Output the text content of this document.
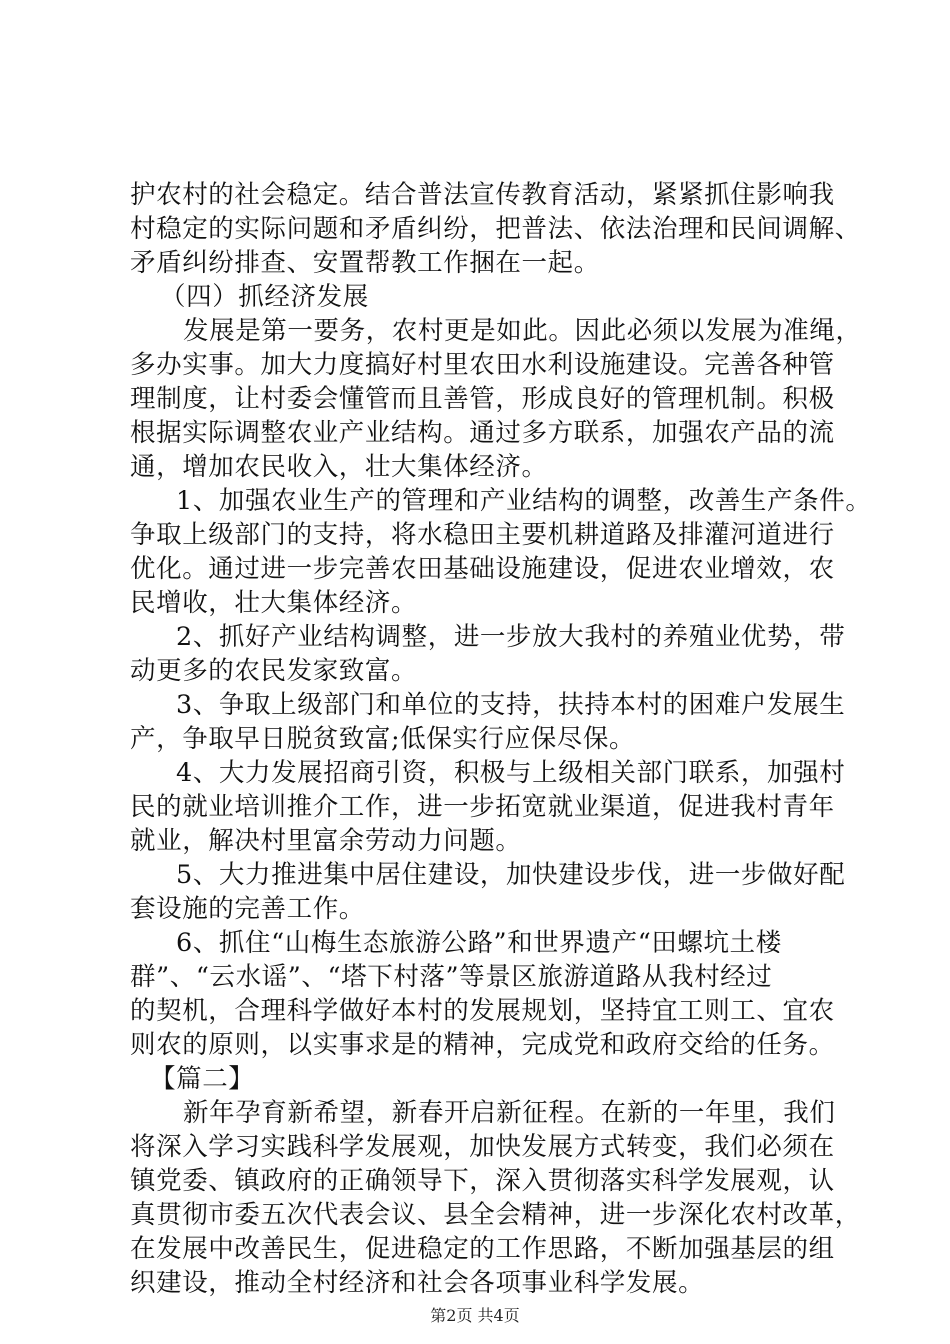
护农村的社会稳定。结合普法宣传教育活动，紧紧抓住影响我
村稳定的实际问题和矛盾纠纷，把普法、依法治理和民间调解、
矛盾纠纷排查、安置帮教工作捆在一起。
（四）抓经济发展
发展是第一要务，农村更是如此。因此必须以发展为准绳，
多办实事。加大力度搞好村里农田水利设施建设。完善各种管
理制度，让村委会懂管而且善管，形成良好的管理机制。积极
根据实际调整农业产业结构。通过多方联系，加强农产品的流
通，增加农民收入，壮大集体经济。
1、加强农业生产的管理和产业结构的调整，改善生产条件。
争取上级部门的支持，将水稳田主要机耕道路及排灌河道进行
优化。通过进一步完善农田基础设施建设，促进农业增效，农
民增收，壮大集体经济。
2、抓好产业结构调整，进一步放大我村的养殖业优势，带
动更多的农民发家致富。
3、争取上级部门和单位的支持，扶持本村的困难户发展生
产，争取早日脱贫致富;低保实行应保尽保。
4、大力发展招商引资，积极与上级相关部门联系，加强村
民的就业培训推介工作，进一步拓宽就业渠道，促进我村青年
就业，解决村里富余劳动力问题。
5、大力推进集中居住建设，加快建设步伐，进一步做好配
套设施的完善工作。
6、抓住“山梅生态旅游公路”和世界遗产“田螺坑土楼
群”、“云水谣”、“塔下村落”等景区旅游道路从我村经过
的契机，合理科学做好本村的发展规划，坚持宜工则工、宜农
则农的原则，以实事求是的精神，完成党和政府交给的任务。
【篇二】
新年孕育新希望，新春开启新征程。在新的一年里，我们
将深入学习实践科学发展观，加快发展方式转变，我们必须在
镇党委、镇政府的正确领导下，深入贯彻落实科学发展观，认
真贯彻市委五次代表会议、县全会精神，进一步深化农村改革，
在发展中改善民生，促进稳定的工作思路，不断加强基层的组
织建设，推动全村经济和社会各项事业科学发展。
第2页 共4页
